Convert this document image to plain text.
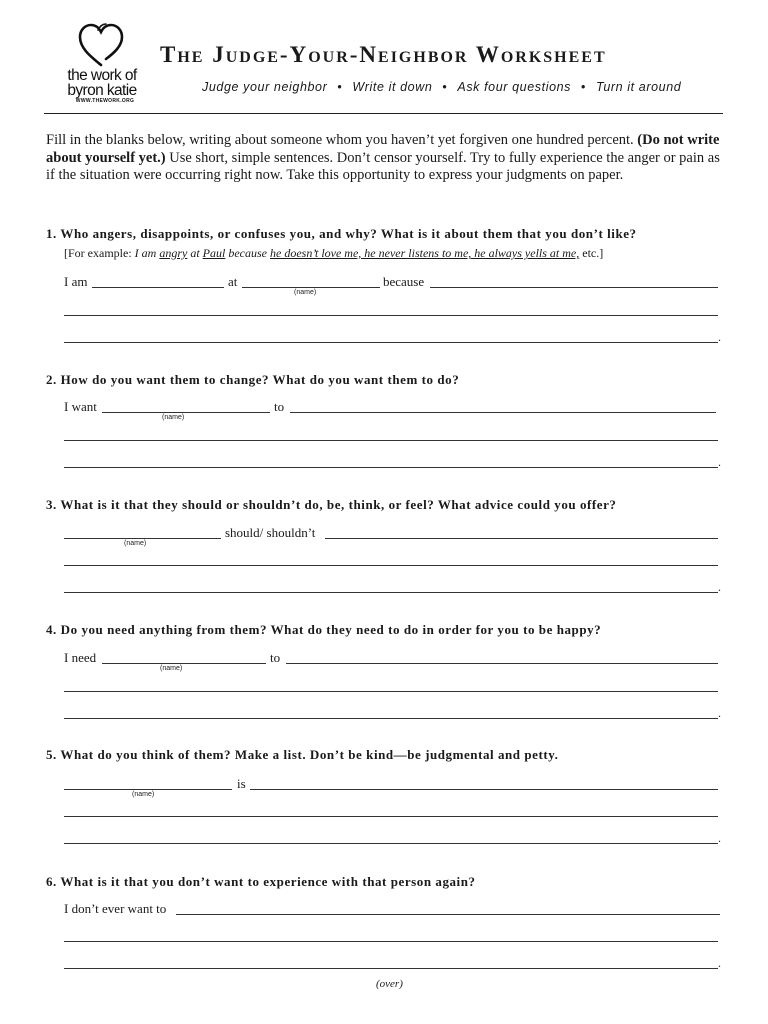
the work of
byron katie
WWW.THEWORK.ORG
The Judge-Your-Neighbor Worksheet
Judge your neighbor • Write it down • Ask four questions • Turn it around
Fill in the blanks below, writing about someone whom you haven’t yet forgiven one hundred percent. (Do not write about yourself yet.) Use short, simple sentences. Don’t censor yourself. Try to fully experience the anger or pain as if the situation were occurring right now. Take this opportunity to express your judgments on paper.
1. Who angers, disappoints, or confuses you, and why? What is it about them that you don’t like?
[For example: I am angry at Paul because he doesn’t love me, he never listens to me, he always yells at me, etc.]
I am	at
(name)
because
.
2. How do you want them to change? What do you want them to do?
I want
(name)
to
.
3. What is it that they should or shouldn’t do, be, think, or feel? What advice could you offer?
(name)
should/ shouldn’t
.
4. Do you need anything from them? What do they need to do in order for you to be happy?
I need
(name)
to
.
5. What do you think of them? Make a list. Don’t be kind—be judgmental and petty.
(name)
is
.
6. What is it that you don’t want to experience with that person again?
I don’t ever want to
.
(over)
